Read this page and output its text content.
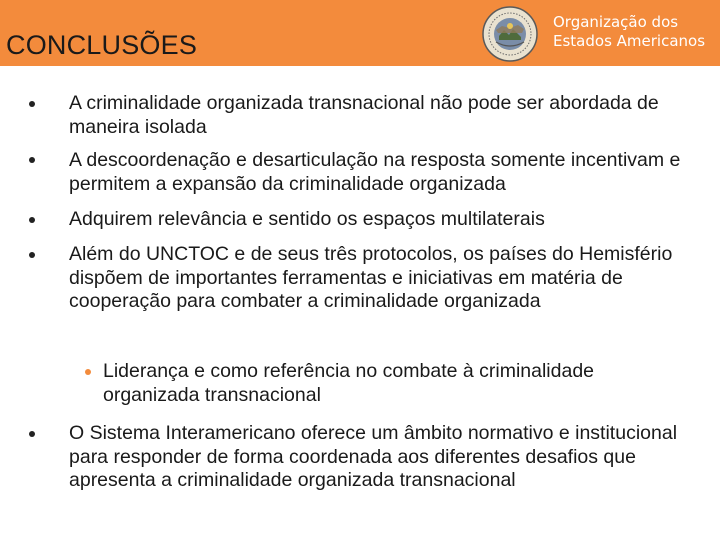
CONCLUSÕES
Organização dos
Estados Americanos
A criminalidade organizada transnacional não pode ser abordada de maneira isolada
A descoordenação e desarticulação na resposta somente incentivam e permitem a expansão da criminalidade organizada
Adquirem relevância e sentido os espaços multilaterais
Além do UNCTOC e de seus três protocolos, os países do Hemisfério dispõem de importantes ferramentas e iniciativas em matéria de cooperação para combater a criminalidade organizada
Liderança e como referência no combate à criminalidade organizada transnacional
O Sistema Interamericano oferece um âmbito normativo e institucional para responder de forma coordenada aos diferentes desafios que apresenta a criminalidade organizada transnacional
